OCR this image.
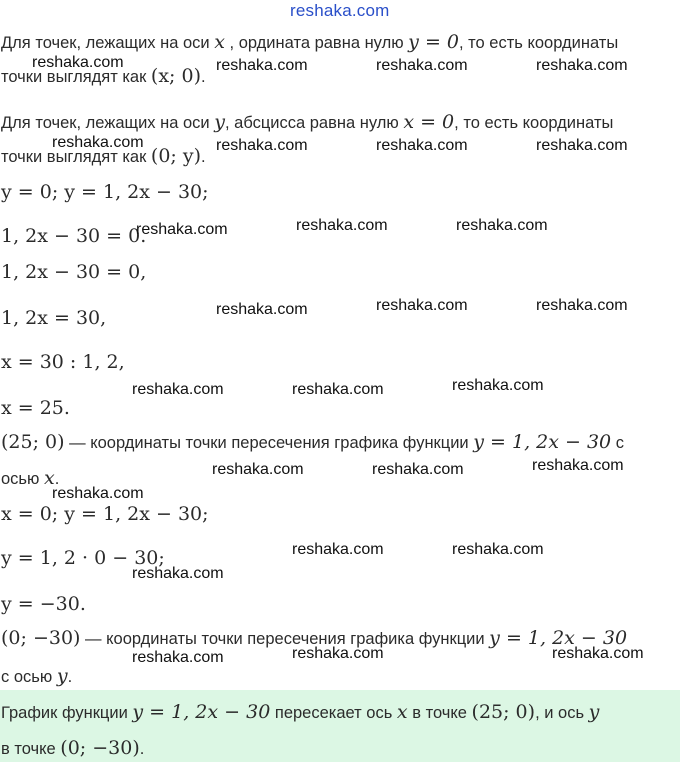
reshaka.com
Для точек, лежащих на оси x , ордината равна нулю y = 0, то есть координаты
точки выглядят как (x; 0).
Для точек, лежащих на оси y, абсцисса равна нулю x = 0, то есть координаты
точки выглядят как (0; y).
y = 0; y = 1, 2x − 30;
1, 2x − 30 = 0.
1, 2x − 30 = 0,
1, 2x = 30,
x = 30 : 1, 2,
x = 25.
(25; 0) — координаты точки пересечения графика функции y = 1, 2x − 30 с
осью x.
x = 0; y = 1, 2x − 30;
y = 1, 2 · 0 − 30;
y = −30.
(0; −30) — координаты точки пересечения графика функции y = 1, 2x − 30
с осью y.
График функции y = 1, 2x − 30 пересекает ось x в точке (25; 0), и ось y
в точке (0; −30).
reshaka.com	reshaka.com	reshaka.com	reshaka.com
reshaka.com	reshaka.com	reshaka.com	reshaka.com
reshaka.com	reshaka.com	reshaka.com
reshaka.com	reshaka.com	reshaka.com
reshaka.com	reshaka.com	reshaka.com
reshaka.com	reshaka.com	reshaka.com
reshaka.com
reshaka.com	reshaka.com
reshaka.com
reshaka.com	reshaka.com	reshaka.com
